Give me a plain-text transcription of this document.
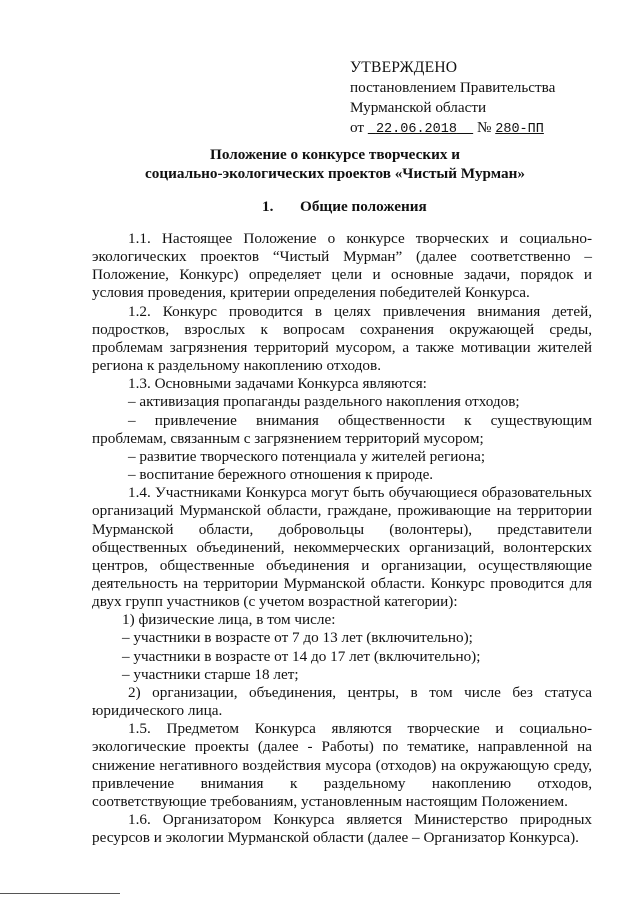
УТВЕРЖДЕНО
постановлением Правительства
Мурманской области
от 22.06.2018 № 280-ПП
Положение о конкурсе творческих и
социально-экологических проектов «Чистый Мурман»
1. Общие положения

1.1. Настоящее Положение о конкурсе творческих и социально-экологических проектов “Чистый Мурман” (далее соответственно – Положение, Конкурс) определяет цели и основные задачи, порядок и условия проведения, критерии определения победителей Конкурса.

1.2. Конкурс проводится в целях привлечения внимания детей, подростков, взрослых к вопросам сохранения окружающей среды, проблемам загрязнения территорий мусором, а также мотивации жителей региона к раздельному накоплению отходов.

1.3. Основными задачами Конкурса являются:

– активизация пропаганды раздельного накопления отходов;

– привлечение внимания общественности к существующим проблемам, связанным с загрязнением территорий мусором;

– развитие творческого потенциала у жителей региона;

– воспитание бережного отношения к природе.

1.4. Участниками Конкурса могут быть обучающиеся образовательных организаций Мурманской области, граждане, проживающие на территории Мурманской области, добровольцы (волонтеры), представители общественных объединений, некоммерческих организаций, волонтерских центров, общественные объединения и организации, осуществляющие деятельность на территории Мурманской области. Конкурс проводится для двух групп участников (с учетом возрастной категории):

1) физические лица, в том числе:

– участники в возрасте от 7 до 13 лет (включительно);

– участники в возрасте от 14 до 17 лет (включительно);

– участники старше 18 лет;

2) организации, объединения, центры, в том числе без статуса юридического лица.

1.5. Предметом Конкурса являются творческие и социально-экологические проекты (далее - Работы) по тематике, направленной на снижение негативного воздействия мусора (отходов) на окружающую среду, привлечение внимания к раздельному накоплению отходов, соответствующие требованиям, установленным настоящим Положением.

1.6. Организатором Конкурса является Министерство природных ресурсов и экологии Мурманской области (далее – Организатор Конкурса).
